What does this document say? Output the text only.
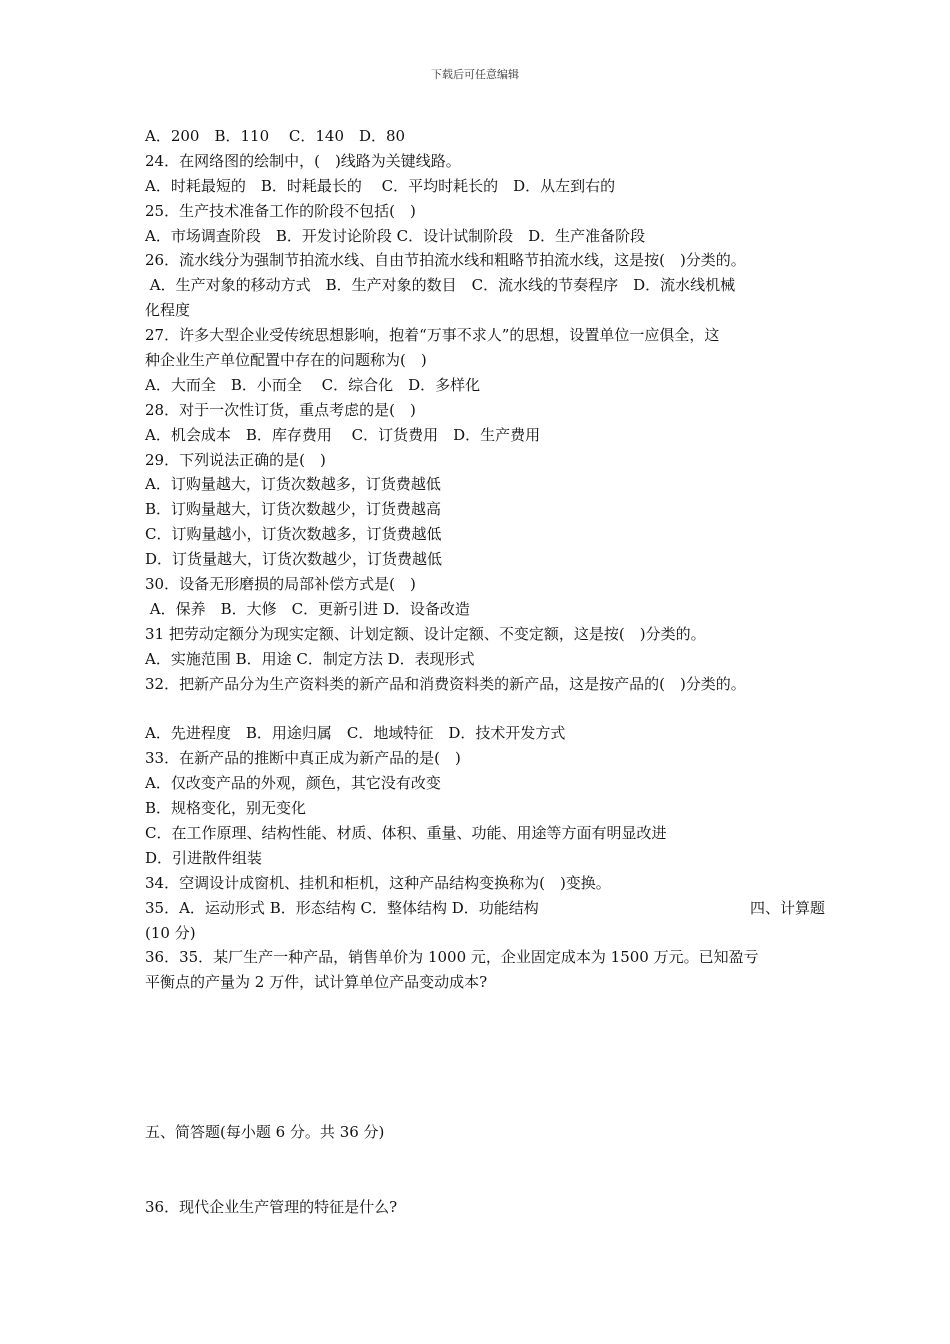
下载后可任意编辑
A．200　B．110　 C．140　D．80
24．在网络图的绘制中，(　)线路为关键线路。
A．时耗最短的　B．时耗最长的　 C．平均时耗长的　D．从左到右的
25．生产技术准备工作的阶段不包括(　)
A．市场调查阶段　B．开发讨论阶段 C．设计试制阶段　D．生产准备阶段
26．流水线分为强制节拍流水线、自由节拍流水线和粗略节拍流水线，这是按(　)分类的。
A．生产对象的移动方式　B．生产对象的数目　C．流水线的节奏程序　D．流水线机械
化程度
27．许多大型企业受传统思想影响，抱着“万事不求人”的思想，设置单位一应俱全，这
种企业生产单位配置中存在的问题称为(　)
A．大而全　B．小而全　 C．综合化　D．多样化
28．对于一次性订货，重点考虑的是(　)
A．机会成本　B．库存费用　 C．订货费用　D．生产费用
29．下列说法正确的是(　)
A．订购量越大，订货次数越多，订货费越低
B．订购量越大，订货次数越少，订货费越高
C．订购量越小，订货次数越多，订货费越低
D．订货量越大，订货次数越少，订货费越低
30．设备无形磨损的局部补偿方式是(　)
A．保养　B．大修　C．更新引进 D．设备改造
31 把劳动定额分为现实定额、计划定额、设计定额、不变定额，这是按(　)分类的。
A．实施范围 B．用途 C．制定方法 D．表现形式
32．把新产品分为生产资料类的新产品和消费资料类的新产品，这是按产品的(　)分类的。
A．先进程度　B．用途归属　C．地域特征　D．技术开发方式
33．在新产品的推断中真正成为新产品的是(　)
A．仅改变产品的外观，颜色，其它没有改变
B．规格变化，别无变化
C．在工作原理、结构性能、材质、体积、重量、功能、用途等方面有明显改进
D．引进散件组装
34．空调设计成窗机、挂机和柜机，这种产品结构变换称为(　)变换。
35．A．运动形式 B．形态结构 C．整体结构 D．功能结构	四、计算题
(10 分)
36．35．某厂生产一种产品，销售单价为 1000 元，企业固定成本为 1500 万元。已知盈亏
平衡点的产量为 2 万件，试计算单位产品变动成本?
五、简答题(每小题 6 分。共 36 分)
36．现代企业生产管理的特征是什么?
